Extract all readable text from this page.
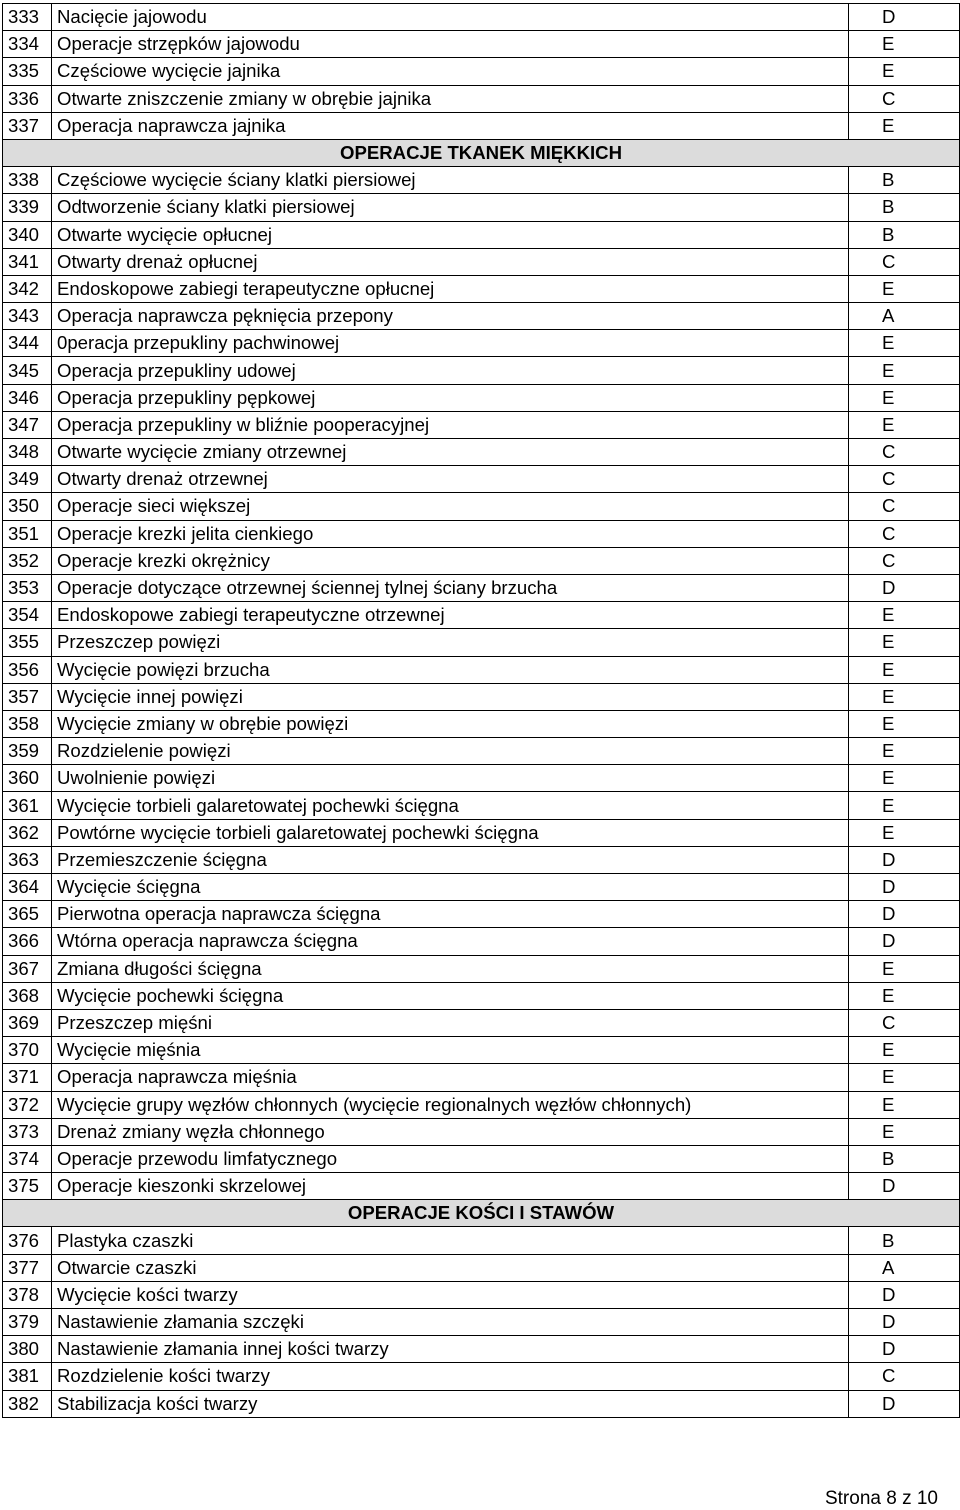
333	Nacięcie jajowodu	D
334	Operacje strzępków jajowodu	E
335	Częściowe wycięcie jajnika	E
336	Otwarte zniszczenie zmiany w obrębie jajnika	C
337	Operacja naprawcza jajnika	E
OPERACJE TKANEK MIĘKKICH		
338	Częściowe wycięcie ściany klatki piersiowej	B
339	Odtworzenie ściany klatki piersiowej	B
340	Otwarte wycięcie opłucnej	B
341	Otwarty drenaż opłucnej	C
342	Endoskopowe zabiegi terapeutyczne opłucnej	E
343	Operacja naprawcza pęknięcia przepony	A
344	0peracja przepukliny pachwinowej	E
345	Operacja przepukliny udowej	E
346	Operacja przepukliny pępkowej	E
347	Operacja przepukliny w bliźnie pooperacyjnej	E
348	Otwarte wycięcie zmiany otrzewnej	C
349	Otwarty drenaż otrzewnej	C
350	Operacje sieci większej	C
351	Operacje krezki jelita cienkiego	C
352	Operacje krezki okrężnicy	C
353	Operacje dotyczące otrzewnej ściennej tylnej ściany brzucha	D
354	Endoskopowe zabiegi terapeutyczne otrzewnej	E
355	Przeszczep powięzi	E
356	Wycięcie powięzi brzucha	E
357	Wycięcie innej powięzi	E
358	Wycięcie zmiany w obrębie powięzi	E
359	Rozdzielenie powięzi	E
360	Uwolnienie powięzi	E
361	Wycięcie torbieli galaretowatej pochewki ścięgna	E
362	Powtórne wycięcie torbieli galaretowatej pochewki ścięgna	E
363	Przemieszczenie ścięgna	D
364	Wycięcie ścięgna	D
365	Pierwotna operacja naprawcza ścięgna	D
366	Wtórna operacja naprawcza ścięgna	D
367	Zmiana długości ścięgna	E
368	Wycięcie pochewki ścięgna	E
369	Przeszczep mięśni	C
370	Wycięcie mięśnia	E
371	Operacja naprawcza mięśnia	E
372	Wycięcie grupy węzłów chłonnych (wycięcie regionalnych węzłów chłonnych)	E
373	Drenaż zmiany węzła chłonnego	E
374	Operacje przewodu limfatycznego	B
375	Operacje kieszonki skrzelowej	D
OPERACJE KOŚCI I STAWÓW		
376	Plastyka czaszki	B
377	Otwarcie czaszki	A
378	Wycięcie kości twarzy	D
379	Nastawienie złamania szczęki	D
380	Nastawienie złamania innej kości twarzy	D
381	Rozdzielenie kości twarzy	C
382	Stabilizacja kości twarzy	D
Strona 8 z 10
